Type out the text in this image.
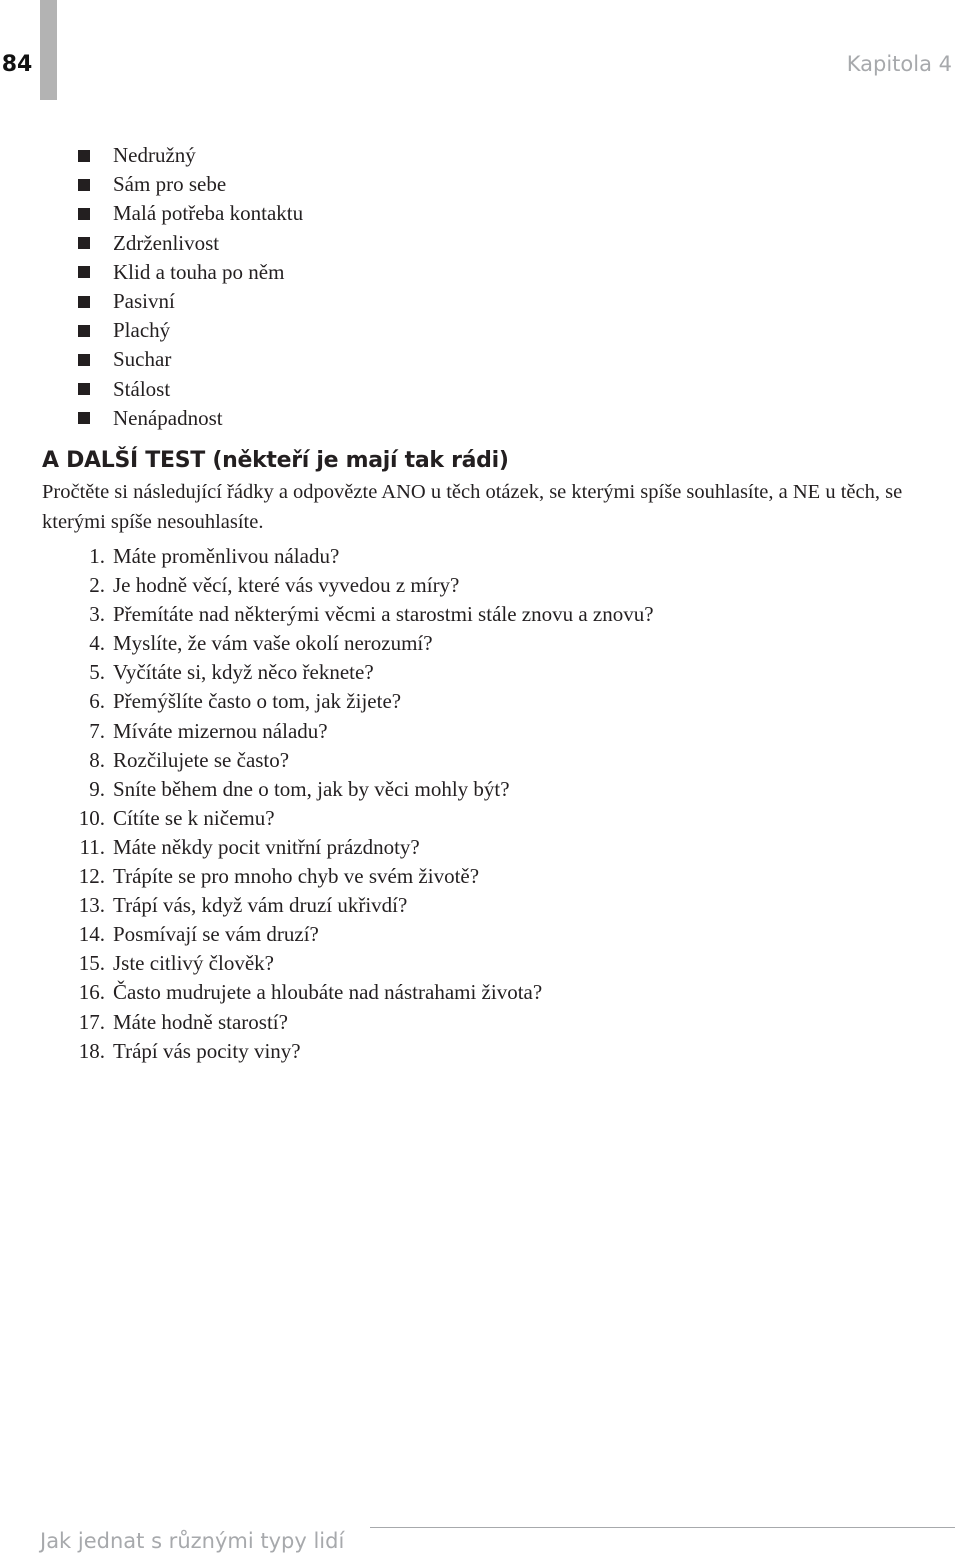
84	Kapitola 4
Nedružný
Sám pro sebe
Malá potřeba kontaktu
Zdrženlivost
Klid a touha po něm
Pasivní
Plachý
Suchar
Stálost
Nenápadnost
A DALŠÍ TEST (někteří je mají tak rádi)

Pročtěte si následující řádky a odpovězte ANO u těch otázek, se kterými spíše souhlasíte, a NE u těch, se kterými spíše nesouhlasíte.

1. Máte proměnlivou náladu?
2. Je hodně věcí, které vás vyvedou z míry?
3. Přemítáte nad některými věcmi a starostmi stále znovu a znovu?
4. Myslíte, že vám vaše okolí nerozumí?
5. Vyčítáte si, když něco řeknete?
6. Přemýšlíte často o tom, jak žijete?
7. Míváte mizernou náladu?
8. Rozčilujete se často?
9. Sníte během dne o tom, jak by věci mohly být?
10. Cítíte se k ničemu?
11. Máte někdy pocit vnitřní prázdnoty?
12. Trápíte se pro mnoho chyb ve svém životě?
13. Trápí vás, když vám druzí ukřivdí?
14. Posmívají se vám druzí?
15. Jste citlivý člověk?
16. Často mudrujete a hloubáte nad nástrahami života?
17. Máte hodně starostí?
18. Trápí vás pocity viny?
Jak jednat s různými typy lidí
